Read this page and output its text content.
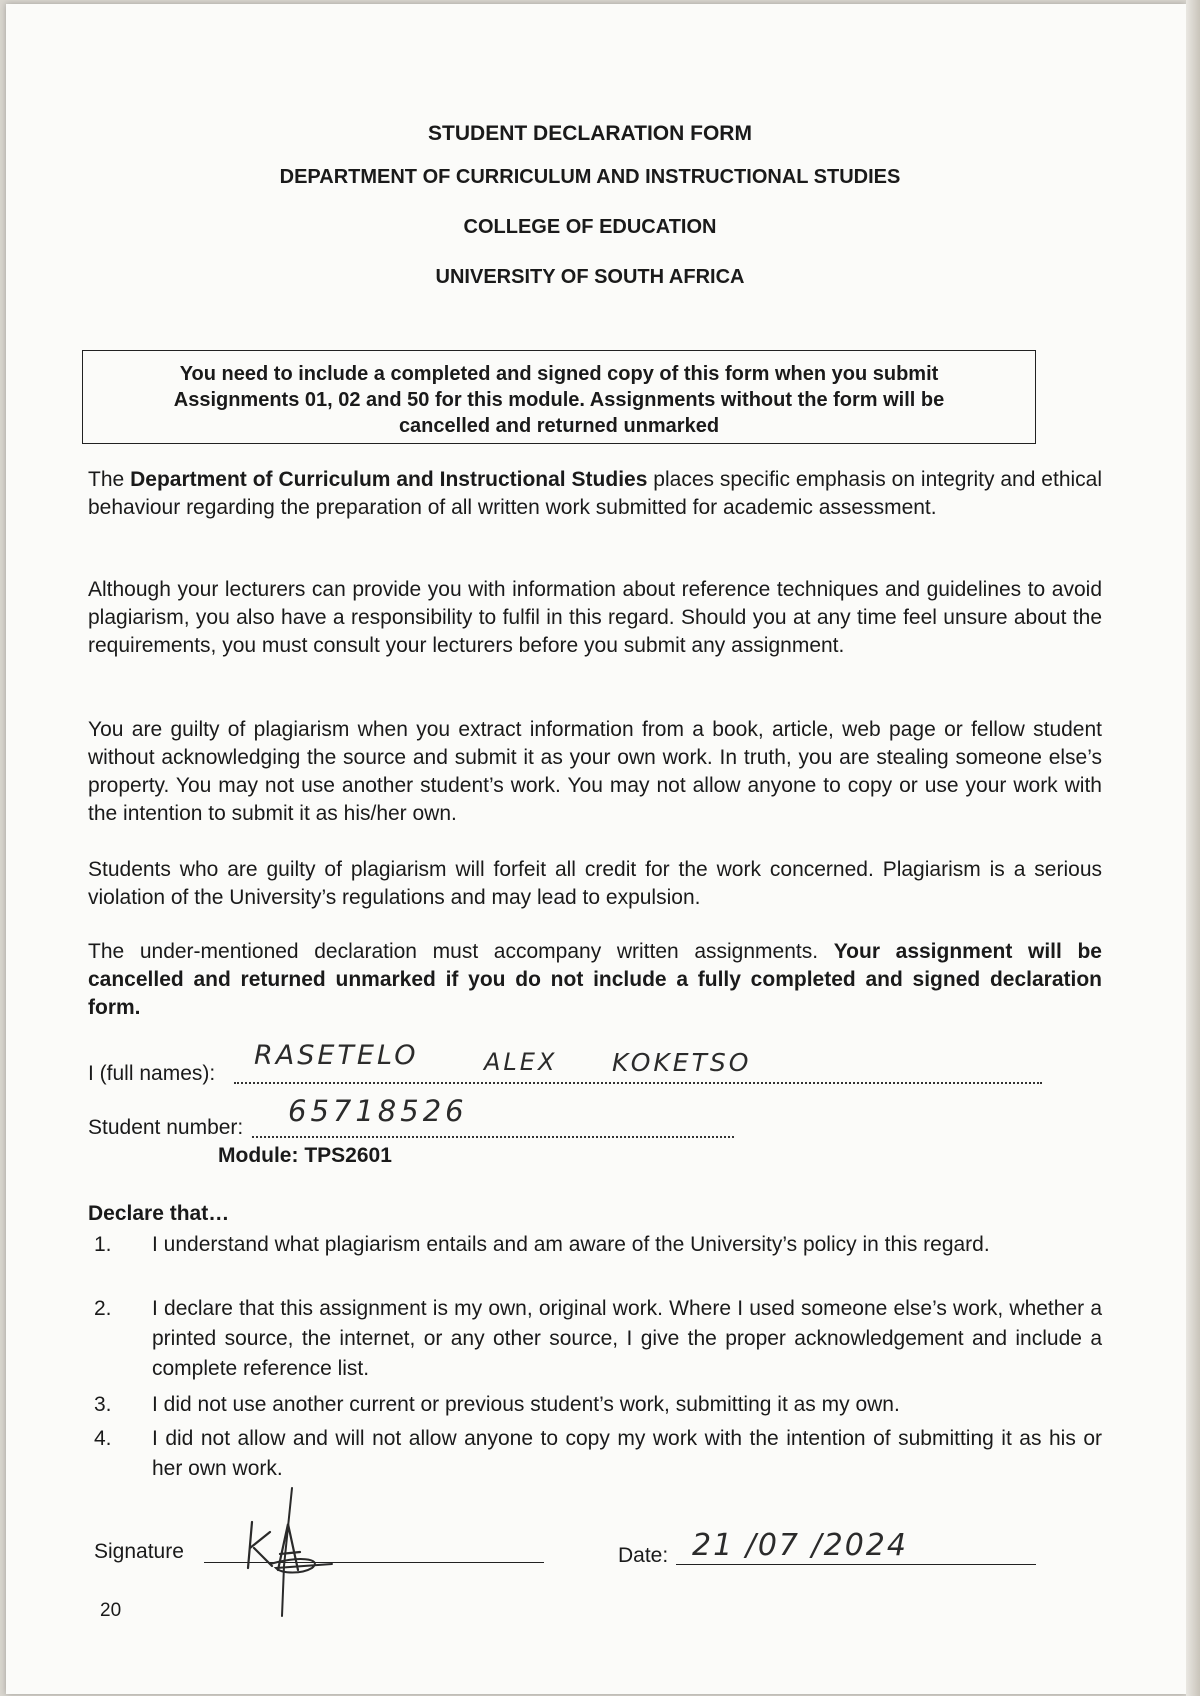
STUDENT DECLARATION FORM
DEPARTMENT OF CURRICULUM AND INSTRUCTIONAL STUDIES
COLLEGE OF EDUCATION
UNIVERSITY OF SOUTH AFRICA
You need to include a completed and signed copy of this form when you submit Assignments 01, 02 and 50 for this module. Assignments without the form will be cancelled and returned unmarked
The Department of Curriculum and Instructional Studies places specific emphasis on integrity and ethical behaviour regarding the preparation of all written work submitted for academic assessment.
Although your lecturers can provide you with information about reference techniques and guidelines to avoid plagiarism, you also have a responsibility to fulfil in this regard. Should you at any time feel unsure about the requirements, you must consult your lecturers before you submit any assignment.
You are guilty of plagiarism when you extract information from a book, article, web page or fellow student without acknowledging the source and submit it as your own work. In truth, you are stealing someone else’s property. You may not use another student’s work. You may not allow anyone to copy or use your work with the intention to submit it as his/her own.
Students who are guilty of plagiarism will forfeit all credit for the work concerned. Plagiarism is a serious violation of the University’s regulations and may lead to expulsion.
The under-mentioned declaration must accompany written assignments. Your assignment will be cancelled and returned unmarked if you do not include a fully completed and signed declaration form.
I (full names):
RASETELO	ALEX KOKETSO
Student number: 65718526
Module: TPS2601
Declare that…
1. I understand what plagiarism entails and am aware of the University’s policy in this regard.
2. I declare that this assignment is my own, original work. Where I used someone else’s work, whether a printed source, the internet, or any other source, I give the proper acknowledgement and include a complete reference list.
3. I did not use another current or previous student’s work, submitting it as my own.
4. I did not allow and will not allow anyone to copy my work with the intention of submitting it as his or her own work.
Signature	Date: 21 /07 /2024
20
